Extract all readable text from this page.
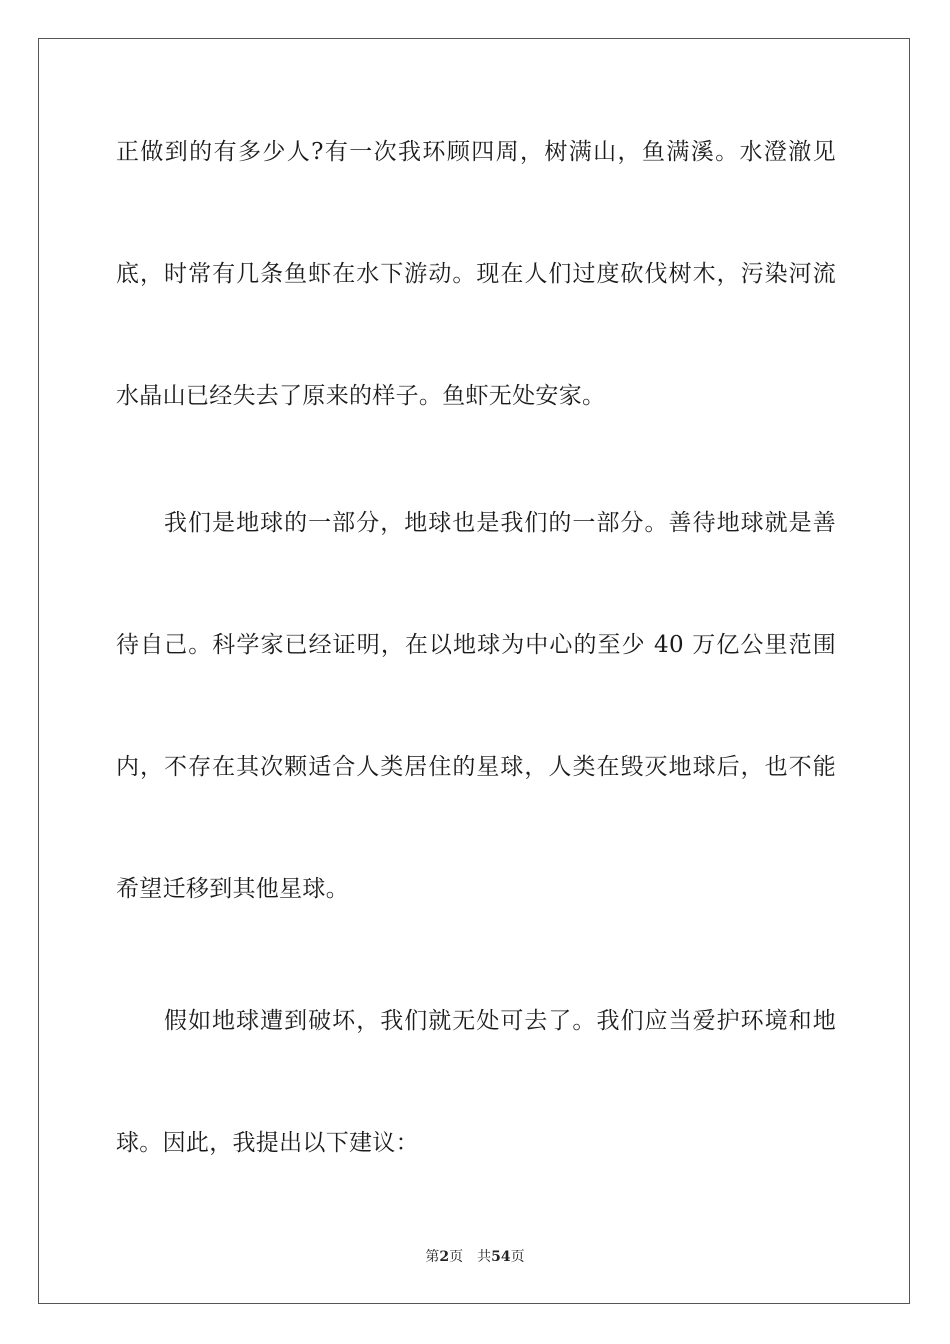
正做到的有多少人?有一次我环顾四周，树满山，鱼满溪。水澄澈见
底，时常有几条鱼虾在水下游动。现在人们过度砍伐树木，污染河流
水晶山已经失去了原来的样子。鱼虾无处安家。
我们是地球的一部分，地球也是我们的一部分。善待地球就是善
待自己。科学家已经证明，在以地球为中心的至少 40 万亿公里范围
内，不存在其次颗适合人类居住的星球，人类在毁灭地球后，也不能
希望迁移到其他星球。
假如地球遭到破坏，我们就无处可去了。我们应当爱护环境和地
球。因此，我提出以下建议：
第2页 共54页
